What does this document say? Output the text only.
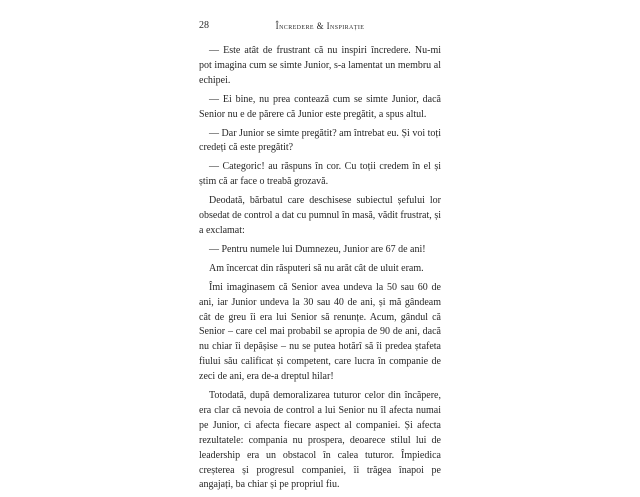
28	Încredere & Inspirație

— Este atât de frustrant că nu inspiri încredere. Nu-mi pot imagina cum se simte Junior, s-a lamentat un membru al echipei.

— Ei bine, nu prea contează cum se simte Junior, dacă Senior nu e de părere că Junior este pregătit, a spus altul.

— Dar Junior se simte pregătit? am întrebat eu. Și voi toți credeți că este pregătit?

— Categoric! au răspuns în cor. Cu toții credem în el și știm că ar face o treabă grozavă.

Deodată, bărbatul care deschisese subiectul șefului lor obsedat de control a dat cu pumnul în masă, vădit frustrat, și a exclamat:

— Pentru numele lui Dumnezeu, Junior are 67 de ani!

Am încercat din răsputeri să nu arăt cât de uluit eram.

Îmi imaginasem că Senior avea undeva la 50 sau 60 de ani, iar Junior undeva la 30 sau 40 de ani, și mă gândeam cât de greu îi era lui Senior să renunțe. Acum, gândul că Senior – care cel mai probabil se apropia de 90 de ani, dacă nu chiar îi depășise – nu se putea hotărî să îi predea ștafeta fiului său calificat și competent, care lucra în companie de zeci de ani, era de-a dreptul hilar!

Totodată, după demoralizarea tuturor celor din încăpere, era clar că nevoia de control a lui Senior nu îl afecta numai pe Junior, ci afecta fiecare aspect al companiei. Și afecta rezultatele: compania nu prospera, deoarece stilul lui de leadership era un obstacol în calea tuturor. Împiedica creșterea și progresul companiei, îi trăgea înapoi pe angajați, ba chiar și pe propriul fiu.
